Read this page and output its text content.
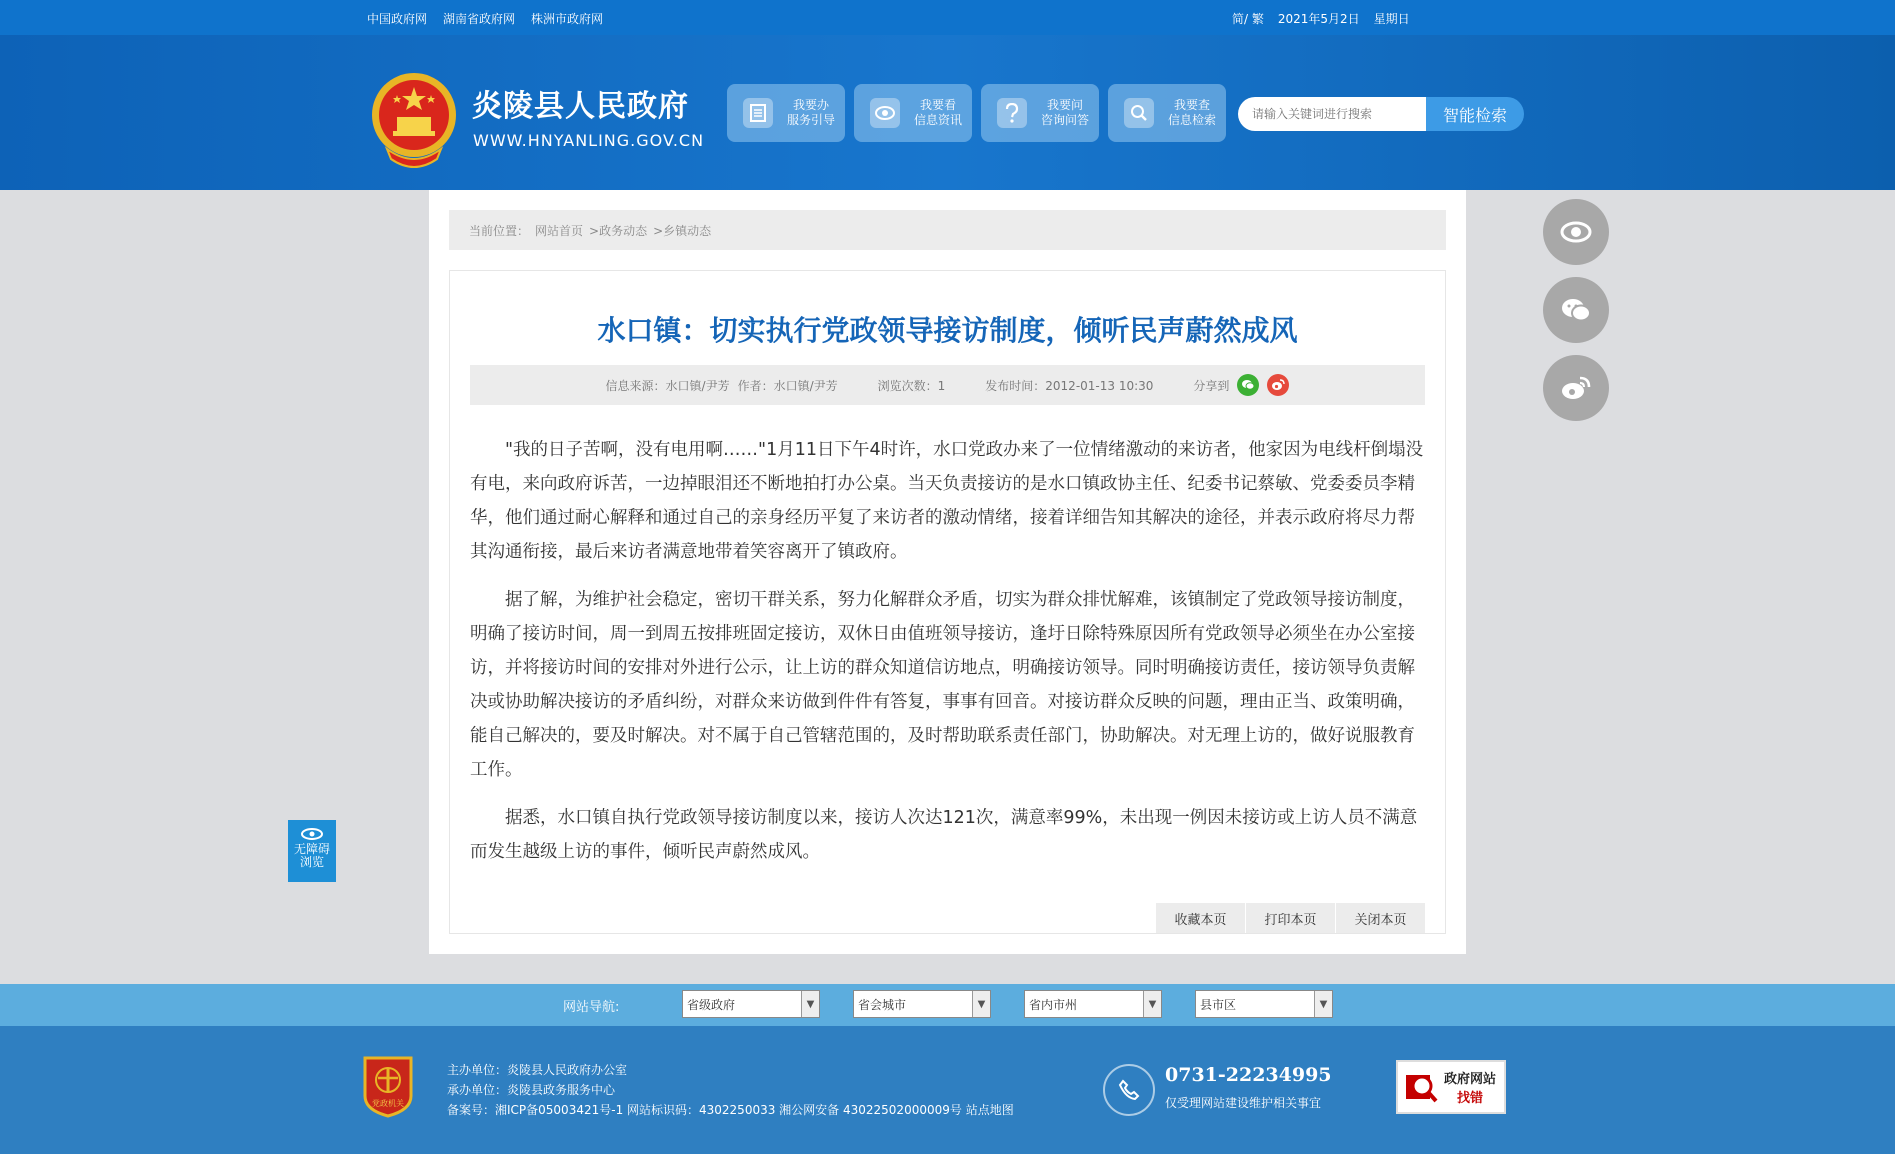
中国政府网 湖南省政府网 株洲市政府网	简/ 繁 2021年5月2日 星期日
炎陵县人民政府
WWW.HNYANLING.GOV.CN
我要办
服务引导
我要看
信息资讯
我要问
咨询问答
我要查
信息检索
请输入关键词进行搜索	智能检索
当前位置： 网站首页 >政务动态 >乡镇动态
水口镇：切实执行党政领导接访制度，倾听民声蔚然成风
信息来源：水口镇/尹芳 作者：水口镇/尹芳	浏览次数：1	发布时间：2012-01-13 10:30	分享到

"我的日子苦啊，没有电用啊……"1月11日下午4时许，水口党政办来了一位情绪激动的来访者，他家因为电线杆倒塌没有电，来向政府诉苦，一边掉眼泪还不断地拍打办公桌。当天负责接访的是水口镇政协主任、纪委书记蔡敏、党委委员李精华，他们通过耐心解释和通过自己的亲身经历平复了来访者的激动情绪，接着详细告知其解决的途径，并表示政府将尽力帮其沟通衔接，最后来访者满意地带着笑容离开了镇政府。

据了解，为维护社会稳定，密切干群关系，努力化解群众矛盾，切实为群众排忧解难，该镇制定了党政领导接访制度，明确了接访时间，周一到周五按排班固定接访，双休日由值班领导接访，逢圩日除特殊原因所有党政领导必须坐在办公室接访，并将接访时间的安排对外进行公示，让上访的群众知道信访地点，明确接访领导。同时明确接访责任，接访领导负责解决或协助解决接访的矛盾纠纷，对群众来访做到件件有答复，事事有回音。对接访群众反映的问题，理由正当、政策明确，能自己解决的，要及时解决。对不属于自己管辖范围的，及时帮助联系责任部门，协助解决。对无理上访的，做好说服教育工作。

据悉，水口镇自执行党政领导接访制度以来，接访人次达121次，满意率99%，未出现一例因未接访或上访人员不满意而发生越级上访的事件，倾听民声蔚然成风。

收藏本页	打印本页	关闭本页
无障碍
浏览
网站导航:	省级政府	▼	省会城市	▼	省内市州	▼	县市区	▼
党政机关
主办单位：炎陵县人民政府办公室
承办单位：炎陵县政务服务中心
备案号：湘ICP备05003421号-1 网站标识码：4302250033 湘公网安备 43022502000009号 站点地图
0731-22234995
仅受理网站建设维护相关事宜
政府网站
找错
